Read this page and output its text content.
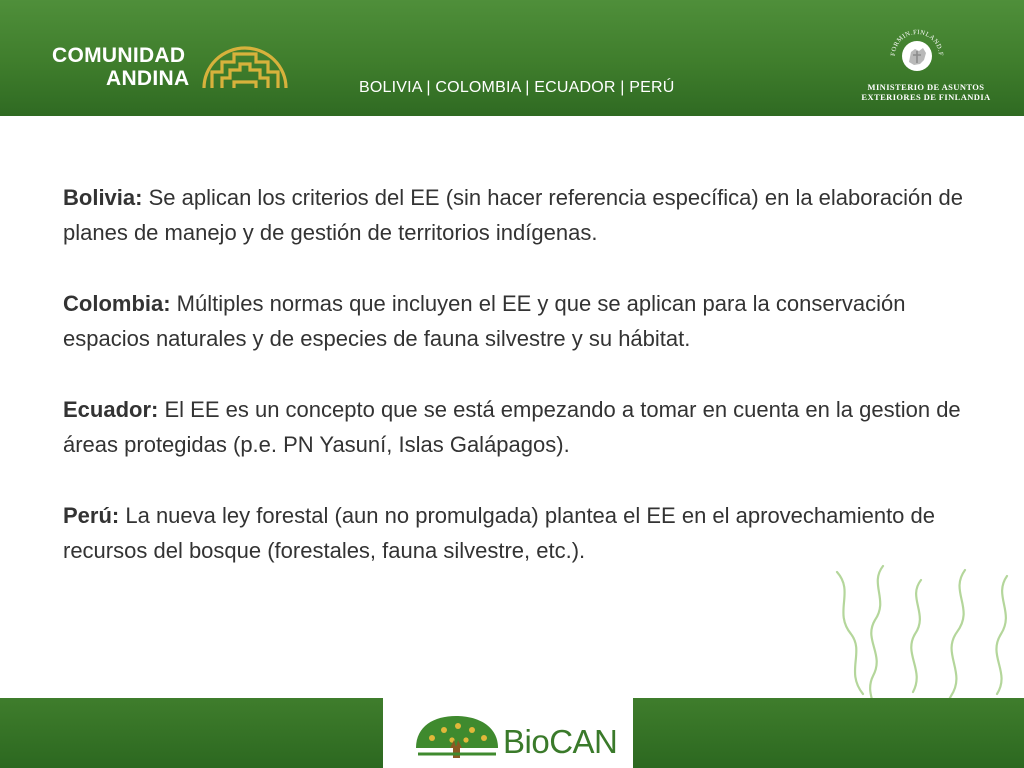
COMUNIDAD
ANDINA	BOLIVIA | COLOMBIA | ECUADOR | PERÚ
FORMIN.FINLAND.F
MINISTERIO DE ASUNTOS
EXTERIORES DE FINLANDIA

Bolivia: Se aplican los criterios del EE (sin hacer referencia específica) en la elaboración de planes de manejo y de gestión de territorios indígenas.

Colombia: Múltiples normas que incluyen el EE y que se aplican para la conservación espacios naturales y de especies de fauna silvestre y su hábitat.

Ecuador: El EE es un concepto que se está empezando a tomar en cuenta en la gestion de áreas protegidas (p.e. PN Yasuní, Islas Galápagos).

Perú: La nueva ley forestal (aun no promulgada) plantea el EE en el aprovechamiento de recursos del bosque (forestales, fauna silvestre, etc.).

BioCAN
